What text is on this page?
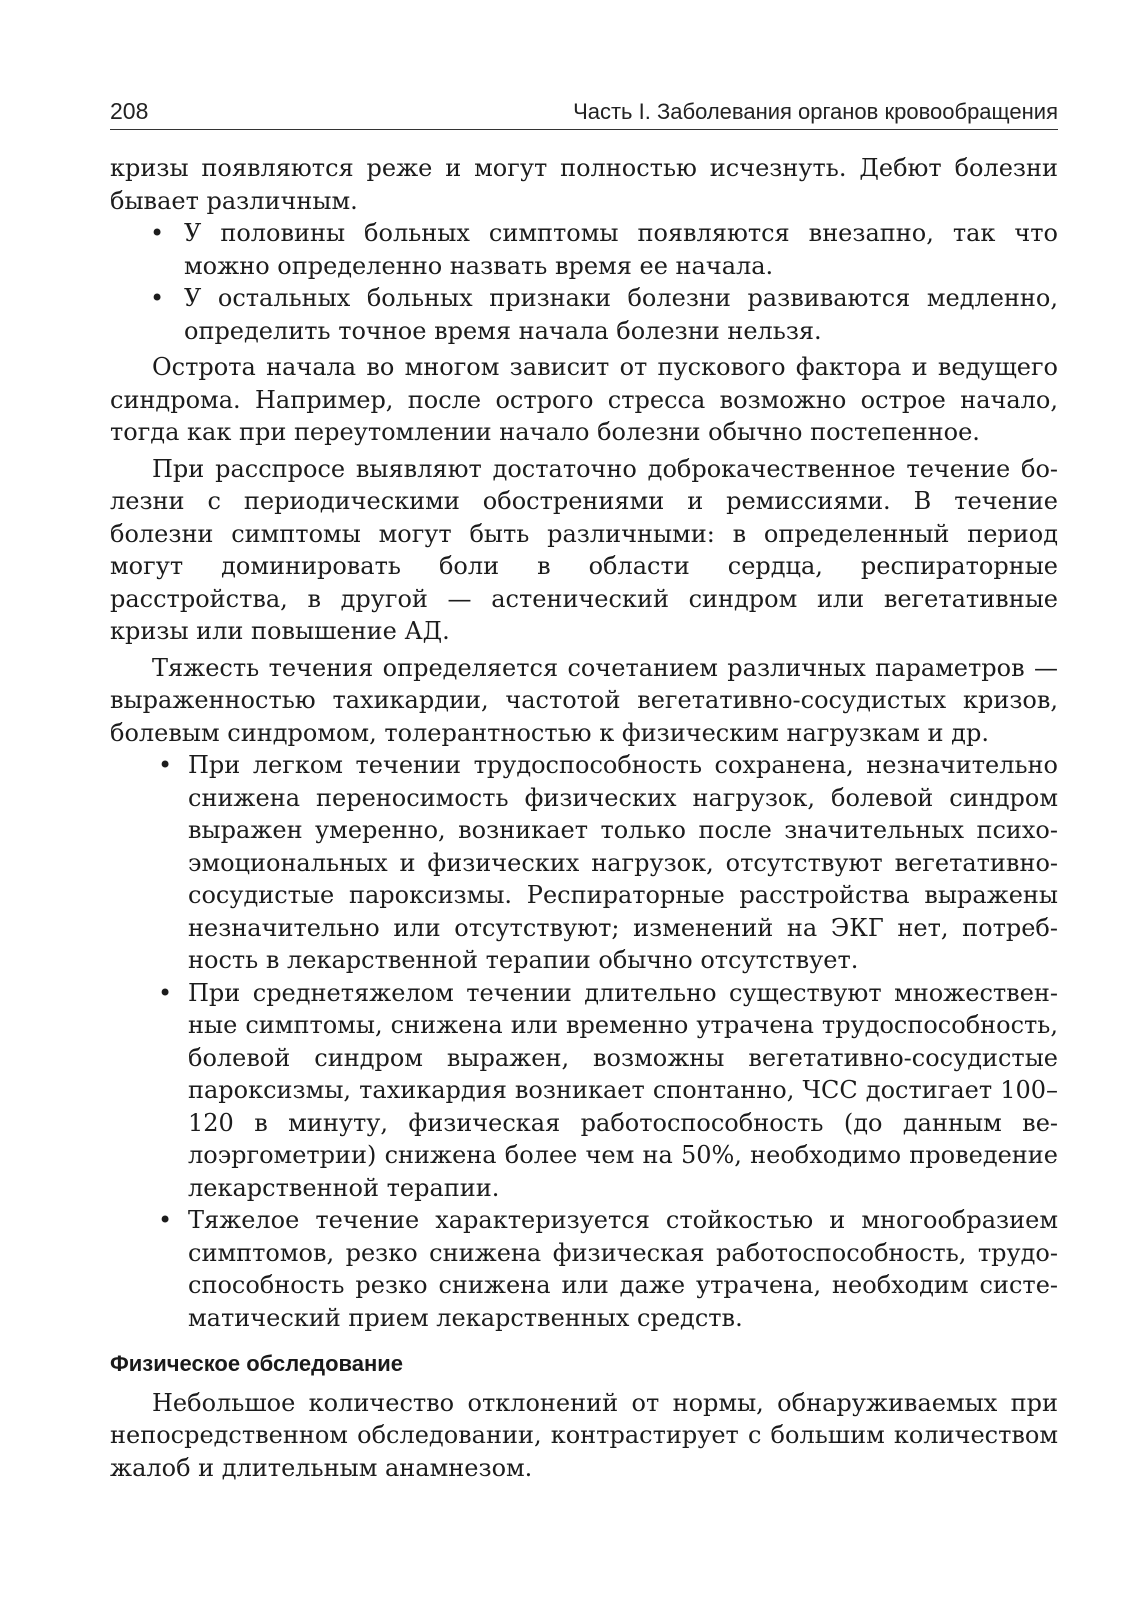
208	Часть I. Заболевания органов кровообращения

кризы появляются реже и могут полностью исчезнуть. Дебют болезни бывает различным.

• У половины больных симптомы появляются внезапно, так что можно определенно назвать время ее начала.
• У остальных больных признаки болезни развиваются медленно, определить точное время начала болезни нельзя.

Острота начала во многом зависит от пускового фактора и ведущего синдрома. Например, после острого стресса возможно острое начало, тогда как при переутомлении начало болезни обычно постепенное.

При расспросе выявляют достаточно доброкачественное течение болезни с периодическими обострениями и ремиссиями. В течение болезни симптомы могут быть различными: в определенный период могут доминировать боли в области сердца, респираторные расстройства, в другой — астенический синдром или вегетативные кризы или повышение АД.

Тяжесть течения определяется сочетанием различных параметров — выраженностью тахикардии, частотой вегетативно-сосудистых кризов, болевым синдромом, толерантностью к физическим нагрузкам и др.

• При легком течении трудоспособность сохранена, незначительно снижена переносимость физических нагрузок, болевой синдром выражен умеренно, возникает только после значительных психоэмоциональных и физических нагрузок, отсутствуют вегетативно-сосудистые пароксизмы. Респираторные расстройства выражены незначительно или отсутствуют; изменений на ЭКГ нет, потребность в лекарственной терапии обычно отсутствует.
• При среднетяжелом течении длительно существуют множественные симптомы, снижена или временно утрачена трудоспособность, болевой синдром выражен, возможны вегетативно-сосудистые пароксизмы, тахикардия возникает спонтанно, ЧСС достигает 100–120 в минуту, физическая работоспособность (до данным велоэргометрии) снижена более чем на 50%, необходимо проведение лекарственной терапии.
• Тяжелое течение характеризуется стойкостью и многообразием симптомов, резко снижена физическая работоспособность, трудоспособность резко снижена или даже утрачена, необходим систематический прием лекарственных средств.
Физическое обследование

Небольшое количество отклонений от нормы, обнаруживаемых при непосредственном обследовании, контрастирует с большим количеством жалоб и длительным анамнезом.
